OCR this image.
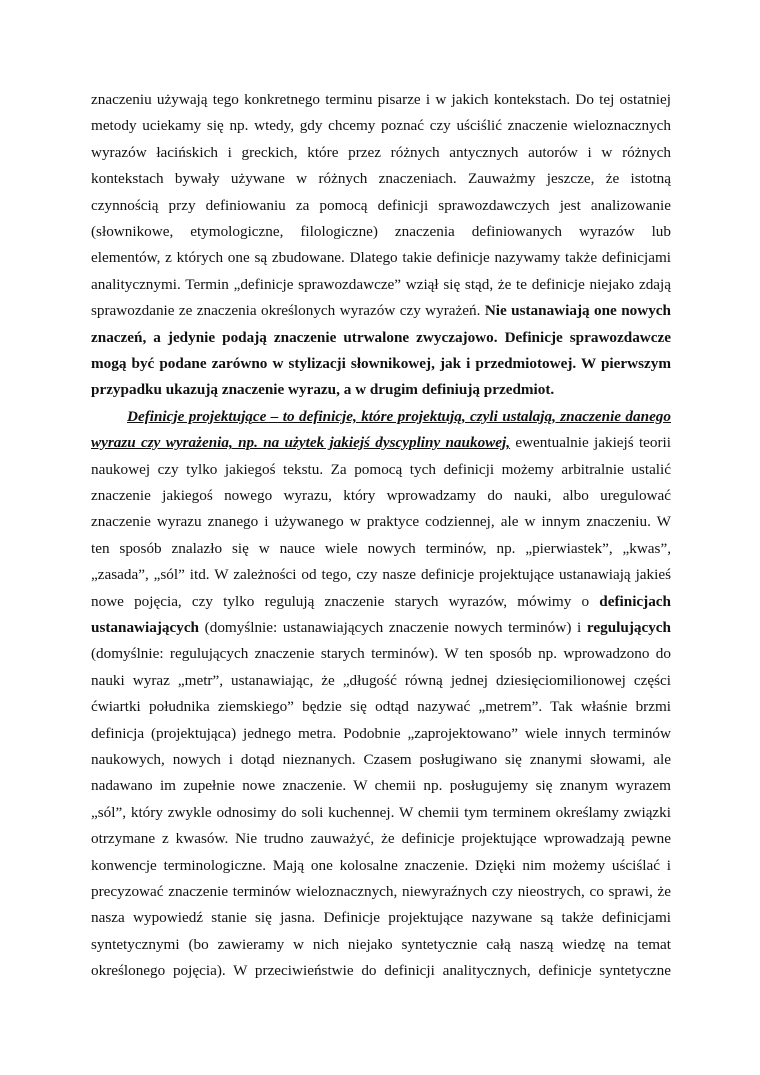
znaczeniu używają tego konkretnego terminu pisarze i w jakich kontekstach. Do tej ostatniej
metody uciekamy się np. wtedy, gdy chcemy poznać czy uściślić znaczenie wieloznacznych
wyrazów łacińskich i greckich, które przez różnych antycznych autorów i w różnych
kontekstach bywały używane w różnych znaczeniach. Zauważmy jeszcze, że istotną
czynnością przy definiowaniu za pomocą definicji sprawozdawczych jest analizowanie
(słownikowe, etymologiczne, filologiczne) znaczenia definiowanych wyrazów lub
elementów, z których one są zbudowane. Dlatego takie definicje nazywamy także definicjami
analitycznymi. Termin „definicje sprawozdawcze” wziął się stąd, że te definicje niejako zdają
sprawozdanie ze znaczenia określonych wyrazów czy wyrażeń. Nie ustanawiają one nowych
znaczeń, a jedynie podają znaczenie utrwalone zwyczajowo. Definicje sprawozdawcze
mogą być podane zarówno w stylizacji słownikowej, jak i przedmiotowej. W pierwszym
przypadku ukazują znaczenie wyrazu, a w drugim definiują przedmiot.
Definicje projektujące – to definicje, które projektują, czyli ustalają, znaczenie danego
wyrazu czy wyrażenia, np. na użytek jakiejś dyscypliny naukowej, ewentualnie jakiejś teorii
naukowej czy tylko jakiegoś tekstu. Za pomocą tych definicji możemy arbitralnie ustalić
znaczenie jakiegoś nowego wyrazu, który wprowadzamy do nauki, albo uregulować
znaczenie wyrazu znanego i używanego w praktyce codziennej, ale w innym znaczeniu. W
ten sposób znalazło się w nauce wiele nowych terminów, np. „pierwiastek”, „kwas”,
„zasada”, „sól” itd. W zależności od tego, czy nasze definicje projektujące ustanawiają jakieś
nowe pojęcia, czy tylko regulują znaczenie starych wyrazów, mówimy o definicjach
ustanawiających (domyślnie: ustanawiających znaczenie nowych terminów) i regulujących
(domyślnie: regulujących znaczenie starych terminów). W ten sposób np. wprowadzono do
nauki wyraz „metr”, ustanawiając, że „długość równą jednej dziesięciomilionowej części
ćwiartki południka ziemskiego” będzie się odtąd nazywać „metrem”. Tak właśnie brzmi
definicja (projektująca) jednego metra. Podobnie „zaprojektowano” wiele innych terminów
naukowych, nowych i dotąd nieznanych. Czasem posługiwano się znanymi słowami, ale
nadawano im zupełnie nowe znaczenie. W chemii np. posługujemy się znanym wyrazem
„sól”, który zwykle odnosimy do soli kuchennej. W chemii tym terminem określamy związki
otrzymane z kwasów. Nie trudno zauważyć, że definicje projektujące wprowadzają pewne
konwencje terminologiczne. Mają one kolosalne znaczenie. Dzięki nim możemy uściślać i
precyzować znaczenie terminów wieloznacznych, niewyraźnych czy nieostrych, co sprawi, że
nasza wypowiedź stanie się jasna. Definicje projektujące nazywane są także definicjami
syntetycznymi (bo zawieramy w nich niejako syntetycznie całą naszą wiedzę na temat
określonego pojęcia). W przeciwieństwie do definicji analitycznych, definicje syntetyczne
